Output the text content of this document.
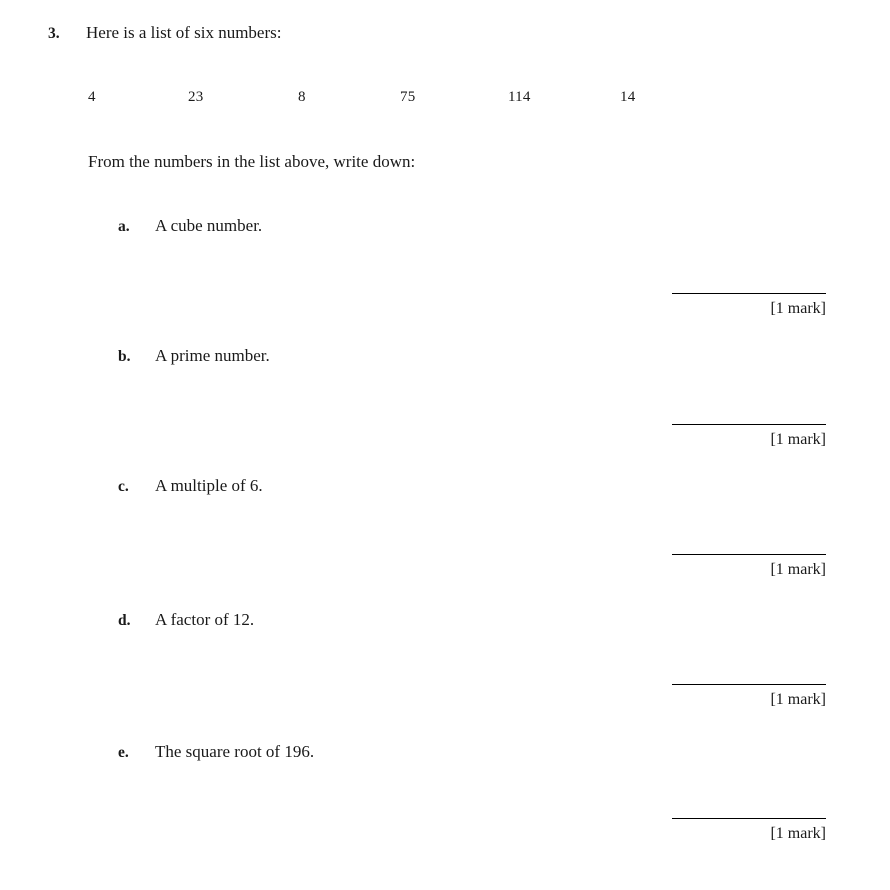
3.	Here is a list of six numbers:
4	23	8	75	114	14
From the numbers in the list above, write down:
a.	A cube number.
[1 mark]
b.	A prime number.
[1 mark]
c.	A multiple of 6.
[1 mark]
d.	A factor of 12.
[1 mark]
e.	The square root of 196.
[1 mark]
